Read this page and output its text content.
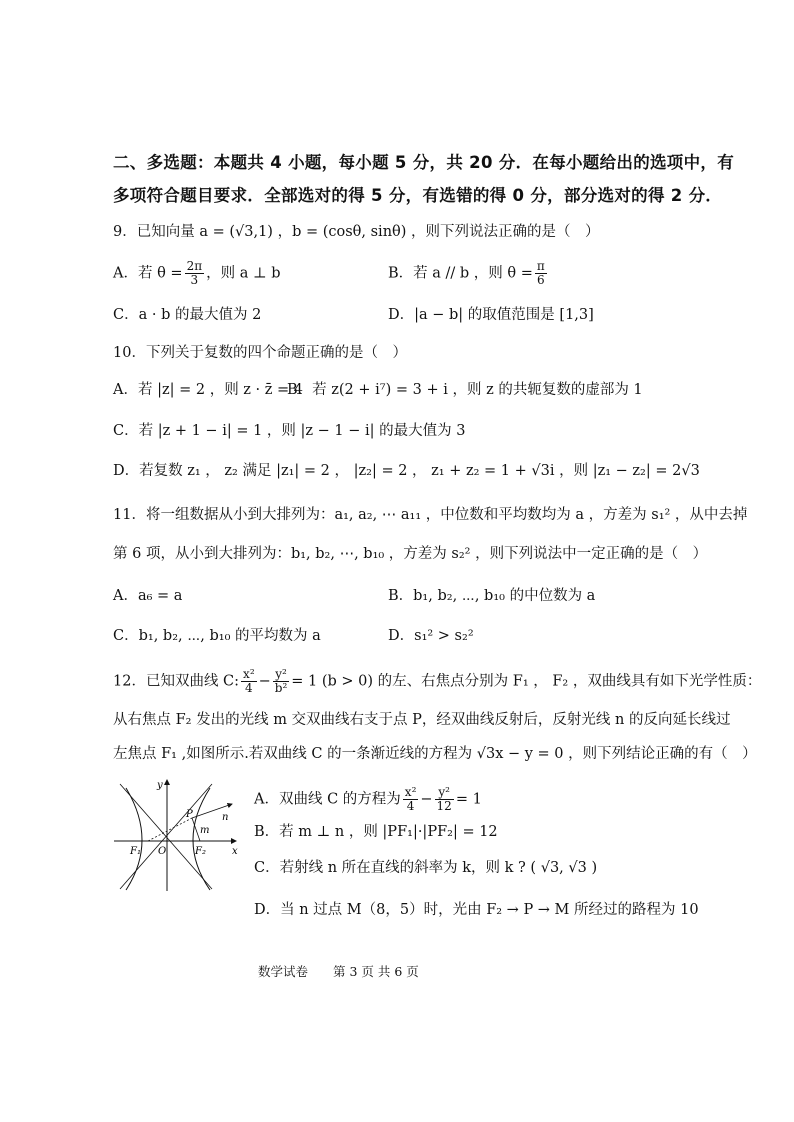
二、多选题：本题共 4 小题，每小题 5 分，共 20 分．在每小题给出的选项中，有
多项符合题目要求．全部选对的得 5 分，有选错的得 0 分，部分选对的得 2 分．
9．已知向量 a = (√3,1) ，b = (cosθ, sinθ) ，则下列说法正确的是（　）
A．若 $\theta = \frac{2\pi}{3}$ ，则 a ⊥ b	B．若 a // b ，则 $\theta = \frac{\pi}{6}$
C．a · b 的最大值为 2	D．|a − b| 的取值范围是 [1,3]
10．下列关于复数的四个命题正确的是（　）
A．若 |z| = 2 ，则 z · z̄ = 4
B．若 z(2 + i⁷) = 3 + i ，则 z 的共轭复数的虚部为 1
C．若 |z + 1 − i| = 1 ，则 |z − 1 − i| 的最大值为 3
D．若复数 z₁ ， z₂ 满足 |z₁| = 2 ， |z₂| = 2 ， z₁ + z₂ = 1 + √3i ，则 |z₁ − z₂| = 2√3
11．将一组数据从小到大排列为：a₁, a₂, ⋯ a₁₁ ，中位数和平均数均为 a ，方差为 s₁² ，从中去掉
第 6 项，从小到大排列为：b₁, b₂, ⋯, b₁₀ ，方差为 s₂² ，则下列说法中一定正确的是（　）
A．a₆ = a	B．b₁, b₂, ⋯, b₁₀ 的中位数为 a
C．b₁, b₂, ⋯, b₁₀ 的平均数为 a	D．s₁² > s₂²
12．已知双曲线 C: $\frac{\text{x²}}{4} - \frac{\text{y²}}{\text{b²}} = 1$ (b > 0) 的左、右焦点分别为 F₁ ， F₂ ，双曲线具有如下光学性质：
从右焦点 F₂ 发出的光线 m 交双曲线右支于点 P，经双曲线反射后，反射光线 n 的反向延长线过
左焦点 F₁ ,如图所示.若双曲线 C 的一条渐近线的方程为 √3x − y = 0 ，则下列结论正确的有（　）
y
x
O
F₁	F₂
P
m
n
A．双曲线 C 的方程为 $\frac{\text{x²}}{4} - \frac{\text{y²}}{12} = 1$
B．若 m ⊥ n ，则 |PF₁|·|PF₂| = 12
C．若射线 n 所在直线的斜率为 k，则 k ? ( √3, √3 )
D．当 n 过点 M（8，5）时，光由 F₂ → P → M 所经过的路程为 10
数学试卷　　第 3 页 共 6 页
